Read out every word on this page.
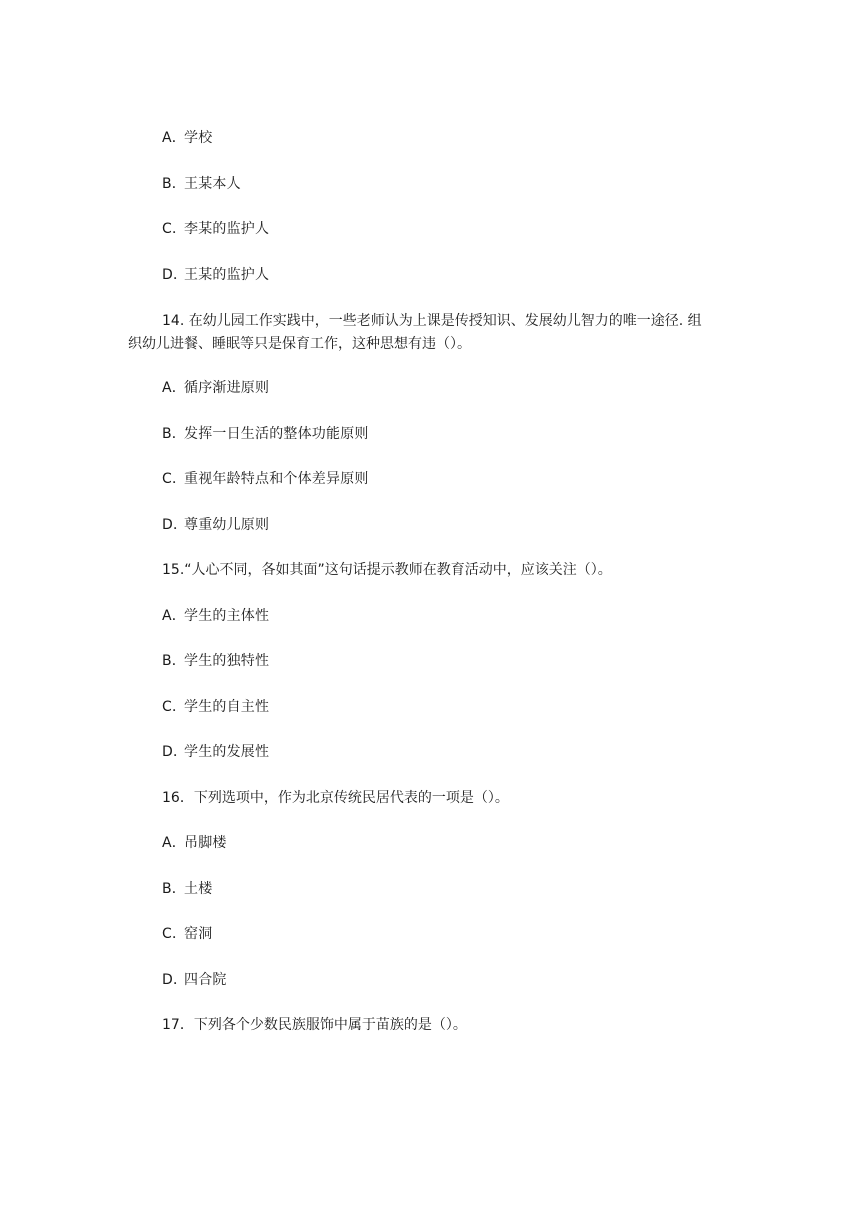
A．学校
B．王某本人
C．李某的监护人
D．王某的监护人
14. 在幼儿园工作实践中，一些老师认为上课是传授知识、发展幼儿智力的唯一途径. 组
织幼儿进餐、睡眠等只是保育工作，这种思想有违（）。
A．循序渐进原则
B．发挥一日生活的整体功能原则
C．重视年龄特点和个体差异原则
D．尊重幼儿原则
15.“人心不同，各如其面”这句话提示教师在教育活动中，应该关注（）。
A．学生的主体性
B．学生的独特性
C．学生的自主性
D．学生的发展性
16．下列选项中，作为北京传统民居代表的一项是（）。
A．吊脚楼
B．土楼
C．窑洞
D．四合院
17．下列各个少数民族服饰中属于苗族的是（）。
